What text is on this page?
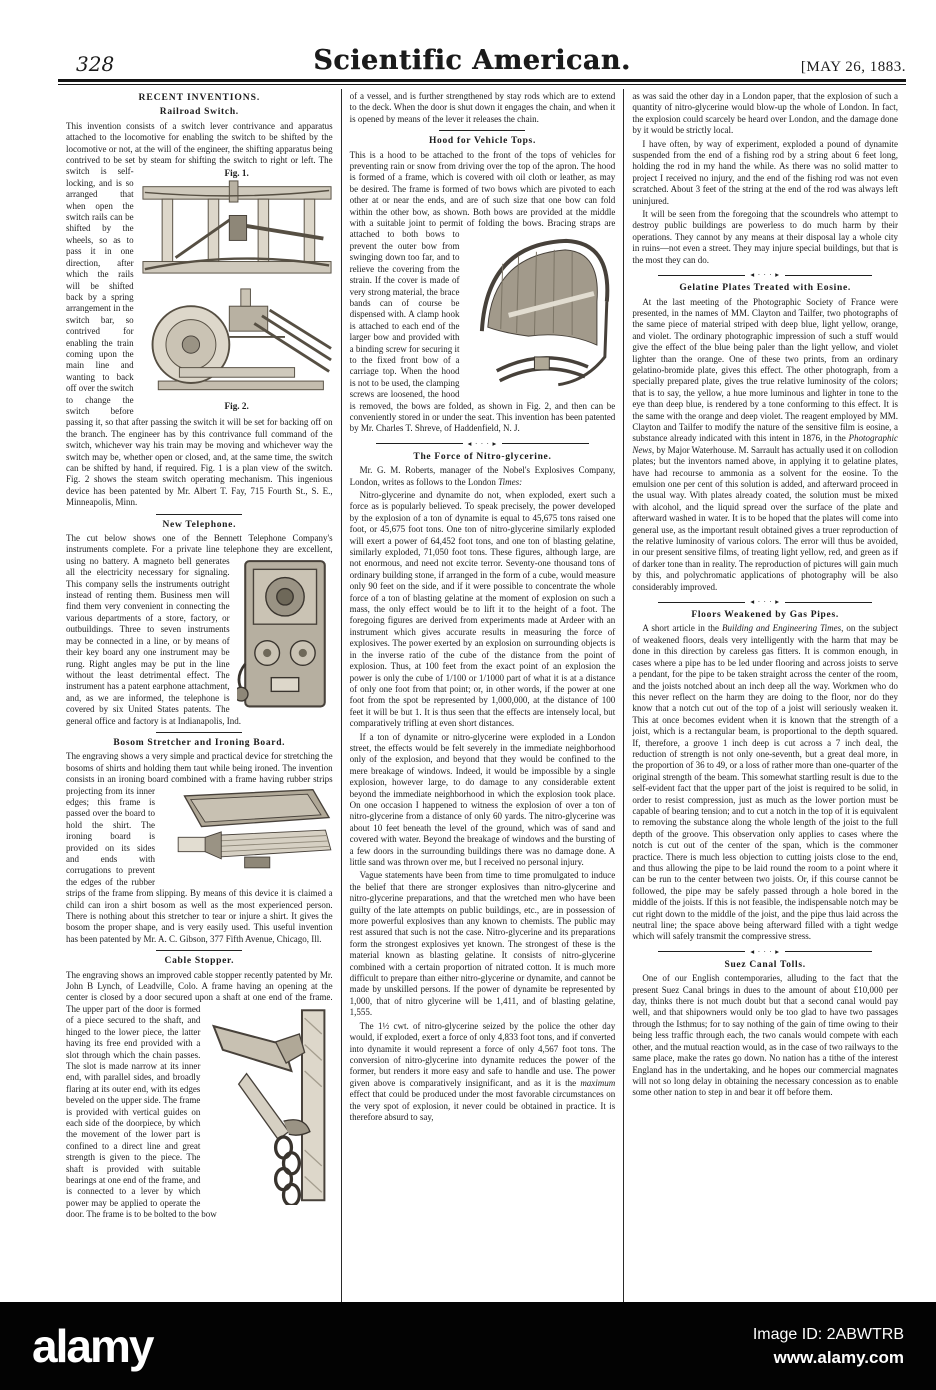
328	Scientific American.	[MAY 26, 1883.
RECENT INVENTIONS.
Railroad Switch.

This invention consists of a switch lever contrivance and apparatus attached to the locomotive for enabling the switch to be shifted by the locomotive or not, at the will of the engineer, the shifting apparatus being contrived to be set by
Fig. 1.
Fig. 2.
steam for shifting the switch to right or left. The switch is self-locking, and is so arranged that when open the switch rails can be shifted by the wheels, so as to pass it in one direction, after which the rails will be shifted back by a spring arrangement in the switch bar, so contrived for enabling the train coming upon the main line and wanting to back off over the switch to change the switch before passing it, so that after passing the switch it will be set for backing off on the branch. The engineer has by this contrivance full command of the switch, whichever way his train may be moving and whichever way the switch may be, whether open or closed, and, at the same time, the switch can be shifted by hand, if required. Fig. 1 is a plan view of the switch. Fig. 2 shows the steam switch operating mechanism. This ingenious device has been patented by Mr. Albert T. Fay, 715 Fourth St., S. E., Minneapolis, Minn.

New Telephone.

The cut below shows one of the Bennett Telephone Company's instruments complete. For a private line telephone they are excellent, using no battery. A magneto bell generates all the electricity necessary for signaling. This company sells the instruments outright instead of renting them. Business men will find them very convenient in connecting the various departments of a store, factory, or outbuildings. Three to seven instruments may be connected in a line, or by means of their key board any one instrument may be rung. Right angles may be put in the line without the least detrimental effect. The instrument has a patent earphone attachment, and, as we are informed, the telephone is covered by six United States patents. The general office and factory is at Indianapolis, Ind.

Bosom Stretcher and Ironing Board.

The engraving shows a very simple and practical device for stretching the bosoms of shirts and holding them taut while being ironed. The invention consists in an ironing board combined with a frame having rubber strips projecting from its inner edges; this frame is passed over the board to hold the shirt. The ironing board is provided on its sides and ends with corrugations to prevent the edges of the rubber strips of the frame from slipping. By means of this device it is claimed a child can iron a shirt bosom as well as the most experienced person. There is nothing about this stretcher to tear or injure a shirt. It gives the bosom the proper shape, and is very easily used. This useful invention has been patented by Mr. A. C. Gibson, 377 Fifth Avenue, Chicago, Ill.

Cable Stopper.

The engraving shows an improved cable stopper recently patented by Mr. John B Lynch, of Leadville, Colo. A frame having an opening at the center is closed by a door secured upon a shaft at one end of the frame. The upper part of the door is formed of a piece secured to the shaft, and hinged to the lower piece, the latter having its free end provided with a slot through which the chain passes. The slot is made narrow at its inner end, with parallel sides, and broadly flaring at its outer end, with its edges beveled on the upper side. The frame is provided with vertical guides on each side of the doorpiece, by which the movement of the lower part is confined to a direct line and great strength is given to the piece. The shaft is provided with suitable bearings at one end of the frame, and is connected to a lever by which power may be applied to operate the door. The frame is to be bolted to the bow

of a vessel, and is further strengthened by stay rods which are to extend to the deck. When the door is shut down it engages the chain, and when it is opened by means of the lever it releases the chain.

Hood for Vehicle Tops.

This is a hood to be attached to the front of the tops of vehicles for preventing rain or snow from driving over the top of the apron. The hood is formed of a frame, which is covered with oil cloth or leather, as may be desired. The frame is formed of two bows which are pivoted to each other at or near the ends, and are of such size that one bow can fold within the other bow, as shown. Both bows are provided at the middle with a suitable joint to permit of folding the bows. Bracing straps are attached to both bows to prevent the outer bow from swinging down too far, and to relieve the covering from the strain. If the cover is made of very strong material, the brace bands can of course be dispensed with. A clamp hook is attached to each end of the larger bow and provided with a binding screw for securing it to the fixed front bow of a carriage top. When the hood is not to be used, the clamping screws are loosened, the hood is removed, the bows are folded, as shown in Fig. 2, and then can be conveniently stored in or under the seat. This invention has been patented by Mr. Charles T. Shreve, of Haddenfield, N. J.

◂ ∙ ∙ ∙ ▸
The Force of Nitro-glycerine.

Mr. G. M. Roberts, manager of the Nobel's Explosives Company, London, writes as follows to the London Times:

Nitro-glycerine and dynamite do not, when exploded, exert such a force as is popularly believed. To speak precisely, the power developed by the explosion of a ton of dynamite is equal to 45,675 tons raised one foot, or 45,675 foot tons. One ton of nitro-glycerine similarly exploded will exert a power of 64,452 foot tons, and one ton of blasting gelatine, similarly exploded, 71,050 foot tons. These figures, although large, are not enormous, and need not excite terror. Seventy-one thousand tons of ordinary building stone, if arranged in the form of a cube, would measure only 90 feet on the side, and if it were possible to concentrate the whole force of a ton of blasting gelatine at the moment of explosion on such a mass, the only effect would be to lift it to the height of a foot. The foregoing figures are derived from experiments made at Ardeer with an instrument which gives accurate results in measuring the force of explosives. The power exerted by an explosion on surrounding objects is in the inverse ratio of the cube of the distance from the point of explosion. Thus, at 100 feet from the exact point of an explosion the power is only the cube of 1/100 or 1/1000 part of what it is at a distance of only one foot from that point; or, in other words, if the power at one foot from the spot be represented by 1,000,000, at the distance of 100 feet it will be but 1. It is thus seen that the effects are intensely local, but comparatively trifling at even short distances.

If a ton of dynamite or nitro-glycerine were exploded in a London street, the effects would be felt severely in the immediate neighborhood only of the explosion, and beyond that they would be confined to the mere breakage of windows. Indeed, it would be impossible by a single explosion, however large, to do damage to any considerable extent beyond the immediate neighborhood in which the explosion took place. On one occasion I happened to witness the explosion of over a ton of nitro-glycerine from a distance of only 60 yards. The nitro-glycerine was about 10 feet beneath the level of the ground, which was of sand and covered with water. Beyond the breakage of windows and the bursting of a few doors in the surrounding buildings there was no damage done. A little sand was thrown over me, but I received no personal injury.

Vague statements have been from time to time promulgated to induce the belief that there are stronger explosives than nitro-glycerine and nitro-glycerine preparations, and that the wretched men who have been guilty of the late attempts on public buildings, etc., are in possession of more powerful explosives than any known to chemists. The public may rest assured that such is not the case. Nitro-glycerine and its preparations form the strongest explosives yet known. The strongest of these is the material known as blasting gelatine. It consists of nitro-glycerine combined with a certain proportion of nitrated cotton. It is much more difficult to prepare than either nitro-glycerine or dynamite, and cannot be made by unskilled persons. If the power of dynamite be represented by 1,000, that of nitro glycerine will be 1,411, and of blasting gelatine, 1,555.

The 1½ cwt. of nitro-glycerine seized by the police the other day would, if exploded, exert a force of only 4,833 foot tons, and if converted into dynamite it would represent a force of only 4,567 foot tons. The conversion of nitro-glycerine into dynamite reduces the power of the former, but renders it more easy and safe to handle and use. The power given above is comparatively insignificant, and as it is the maximum effect that could be produced under the most favorable circumstances on the very spot of explosion, it never could be obtained in practice. It is therefore absurd to say,

as was said the other day in a London paper, that the explosion of such a quantity of nitro-glycerine would blow-up the whole of London. In fact, the explosion could scarcely be heard over London, and the damage done by it would be strictly local.

I have often, by way of experiment, exploded a pound of dynamite suspended from the end of a fishing rod by a string about 6 feet long, holding the rod in my hand the while. As there was no solid matter to project I received no injury, and the end of the fishing rod was not even scratched. About 3 feet of the string at the end of the rod was always left uninjured.

It will be seen from the foregoing that the scoundrels who attempt to destroy public buildings are powerless to do much harm by their operations. They cannot by any means at their disposal lay a whole city in ruins—not even a street. They may injure special buildings, but that is the most they can do.

◂ ∙ ∙ ∙ ▸
Gelatine Plates Treated with Eosine.

At the last meeting of the Photographic Society of France were presented, in the names of MM. Clayton and Tailfer, two photographs of the same piece of material striped with deep blue, light yellow, orange, and violet. The ordinary photographic impression of such a stuff would give the effect of the blue being paler than the light yellow, and violet lighter than the orange. One of these two prints, from an ordinary gelatino-bromide plate, gives this effect. The other photograph, from a specially prepared plate, gives the true relative luminosity of the colors; that is to say, the yellow, a hue more luminous and lighter in tone to the eye than deep blue, is rendered by a tone conforming to this effect. It is the same with the orange and deep violet. The reagent employed by MM. Clayton and Tailfer to modify the nature of the sensitive film is eosine, a substance already indicated with this intent in 1876, in the Photographic News, by Major Waterhouse. M. Sarrault has actually used it on collodion plates; but the inventors named above, in applying it to gelatine plates, have had recourse to ammonia as a solvent for the eosine. To the emulsion one per cent of this solution is added, and afterward proceed in the usual way. With plates already coated, the solution must be mixed with alcohol, and the liquid spread over the surface of the plate and afterward washed in water. It is to be hoped that the plates will come into general use, as the important result obtained gives a truer reproduction of the relative luminosity of various colors. The error will thus be avoided, in our present sensitive films, of treating light yellow, red, and green as if of darker tone than in reality. The reproduction of pictures will gain much by this, and polychromatic applications of photography will be also considerably improved.

◂ ∙ ∙ ∙ ▸
Floors Weakened by Gas Pipes.

A short article in the Building and Engineering Times, on the subject of weakened floors, deals very intelligently with the harm that may be done in this direction by careless gas fitters. It is common enough, in cases where a pipe has to be led under flooring and across joists to serve a pendant, for the pipe to be taken straight across the center of the room, and the joists notched about an inch deep all the way. Workmen who do this never reflect on the harm they are doing to the floor, nor do they know that a notch cut out of the top of a joist will seriously weaken it. This at once becomes evident when it is known that the strength of a joist, which is a rectangular beam, is proportional to the depth squared. If, therefore, a groove 1 inch deep is cut across a 7 inch deal, the reduction of strength is not only one-seventh, but a great deal more, in the proportion of 36 to 49, or a loss of rather more than one-quarter of the original strength of the beam. This somewhat startling result is due to the self-evident fact that the upper part of the joist is required to be solid, in order to resist compression, just as much as the lower portion must be capable of bearing tension; and to cut a notch in the top of it is equivalent to removing the substance along the whole length of the joist to the full depth of the groove. This observation only applies to cases where the notch is cut out of the center of the span, which is the commoner practice. There is much less objection to cutting joists close to the end, and thus allowing the pipe to be laid round the room to a point where it can be run to the center between two joists. Or, if this course cannot be followed, the pipe may be safely passed through a hole bored in the middle of the joists. If this is not feasible, the indispensable notch may be cut right down to the middle of the joist, and the pipe thus laid across the neutral line; the space above being afterward filled with a tight wedge which will safely transmit the compressive stress.

◂ ∙ ∙ ∙ ▸
Suez Canal Tolls.

One of our English contemporaries, alluding to the fact that the present Suez Canal brings in dues to the amount of about £10,000 per day, thinks there is not much doubt but that a second canal would pay well, and that shipowners would only be too glad to have two passages through the Isthmus; for to say nothing of the gain of time owing to their being less traffic through each, the two canals would compete with each other, and the mutual reaction would, as in the case of two railways to the same place, make the rates go down. No nation has a tithe of the interest England has in the undertaking, and he hopes our commercial magnates will not so long delay in obtaining the necessary concession as to enable some other nation to step in and bear it off before them.

alamy	Image ID: 2ABWTRB
www.alamy.com
